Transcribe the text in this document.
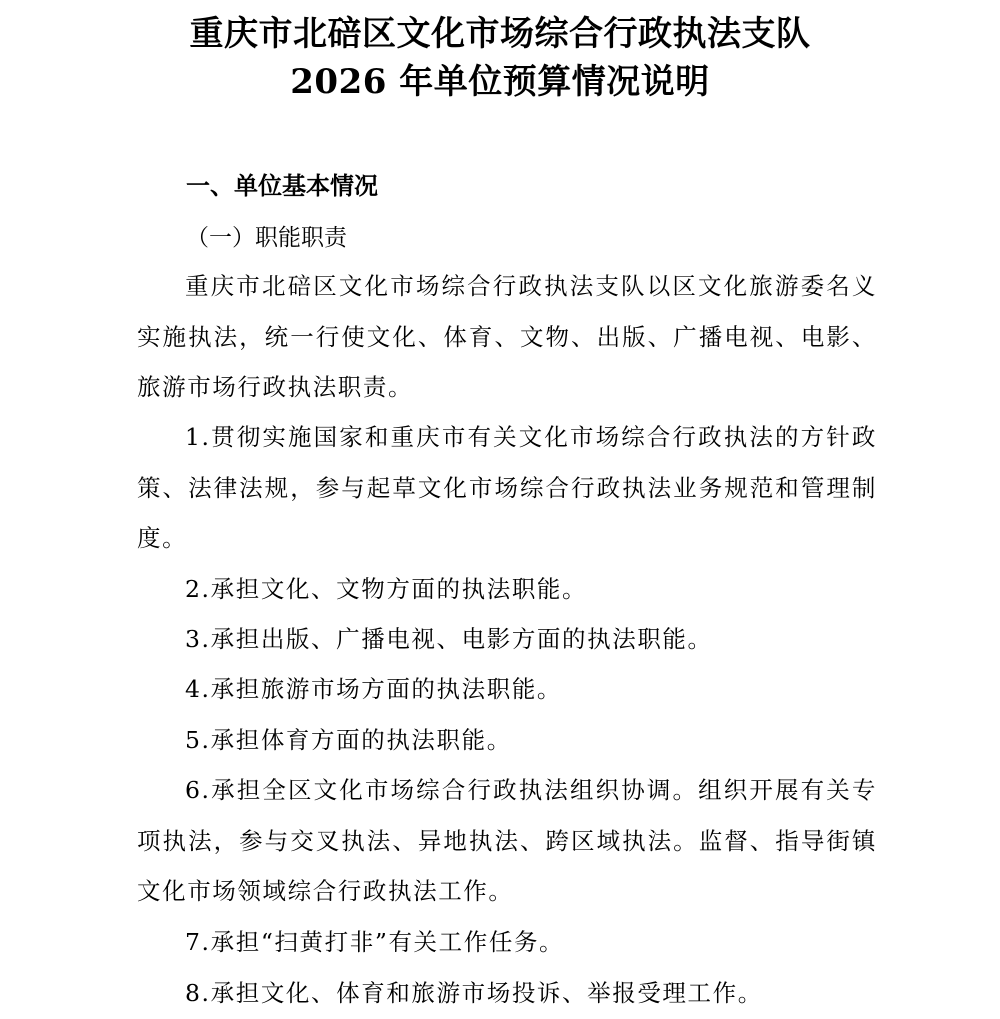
重庆市北碚区文化市场综合行政执法支队
2026 年单位预算情况说明
一、单位基本情况
（一）职能职责
重庆市北碚区文化市场综合行政执法支队以区文化旅游委名义实施执法，统一行使文化、体育、文物、出版、广播电视、电影、旅游市场行政执法职责。
1.贯彻实施国家和重庆市有关文化市场综合行政执法的方针政策、法律法规，参与起草文化市场综合行政执法业务规范和管理制度。
2.承担文化、文物方面的执法职能。
3.承担出版、广播电视、电影方面的执法职能。
4.承担旅游市场方面的执法职能。
5.承担体育方面的执法职能。
6.承担全区文化市场综合行政执法组织协调。组织开展有关专项执法，参与交叉执法、异地执法、跨区域执法。监督、指导街镇文化市场领域综合行政执法工作。
7.承担“扫黄打非”有关工作任务。
8.承担文化、体育和旅游市场投诉、举报受理工作。
